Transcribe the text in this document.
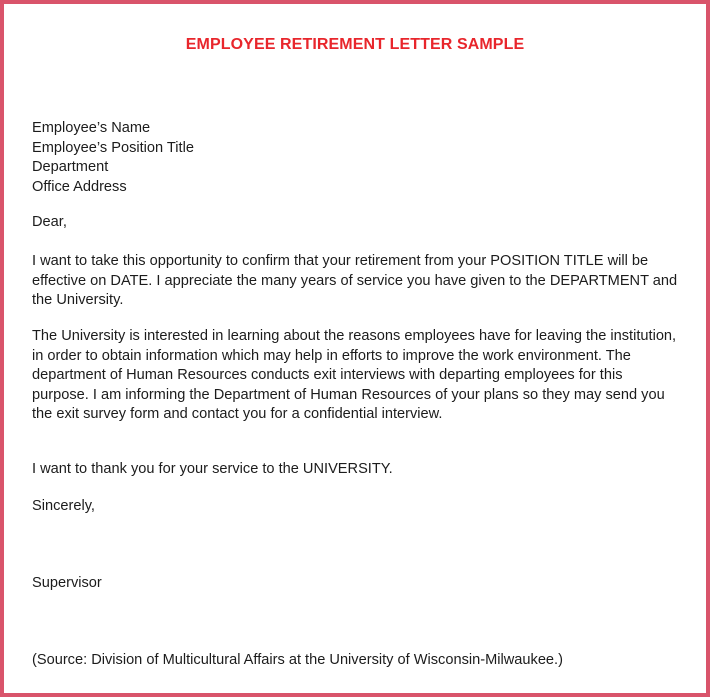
EMPLOYEE RETIREMENT LETTER SAMPLE
Employee’s Name
Employee’s Position Title
Department
Office Address
Dear,
I want to take this opportunity to confirm that your retirement from your POSITION TITLE will be effective on DATE. I appreciate the many years of service you have given to the DEPARTMENT and the University.
The University is interested in learning about the reasons employees have for leaving the institution, in order to obtain information which may help in efforts to improve the work environment. The department of Human Resources conducts exit interviews with departing employees for this purpose. I am informing the Department of Human Resources of your plans so they may send you the exit survey form and contact you for a confidential interview.
I want to thank you for your service to the UNIVERSITY.
Sincerely,
Supervisor
(Source: Division of Multicultural Affairs at the University of Wisconsin-Milwaukee.)
